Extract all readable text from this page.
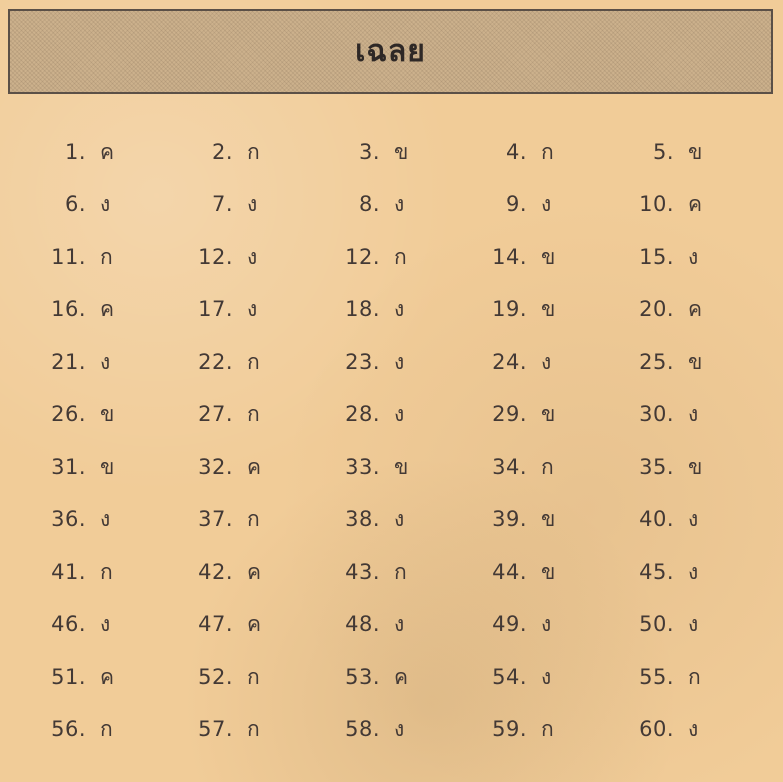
เฉลย
1. ค	2. ก	3. ข	4. ก	5. ข
6. ง	7. ง	8. ง	9. ง	10. ค
11. ก	12. ง	12. ก	14. ข	15. ง
16. ค	17. ง	18. ง	19. ข	20. ค
21. ง	22. ก	23. ง	24. ง	25. ข
26. ข	27. ก	28. ง	29. ข	30. ง
31. ข	32. ค	33. ข	34. ก	35. ข
36. ง	37. ก	38. ง	39. ข	40. ง
41. ก	42. ค	43. ก	44. ข	45. ง
46. ง	47. ค	48. ง	49. ง	50. ง
51. ค	52. ก	53. ค	54. ง	55. ก
56. ก	57. ก	58. ง	59. ก	60. ง
